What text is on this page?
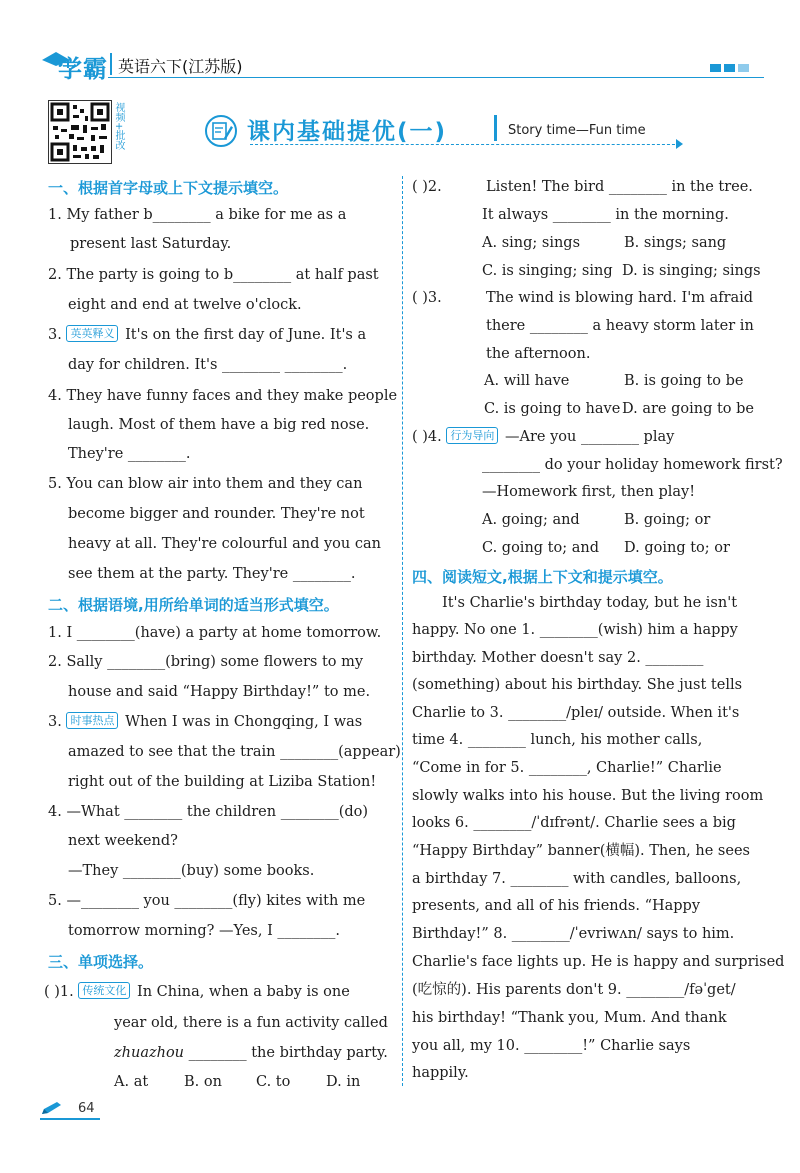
学霸 英语六下(江苏版)
视频+批改	课内基础提优(一)	Story time—Fun time
一、根据首字母或上下文提示填空。
1. My father b________ a bike for me as a
present last Saturday.
2. The party is going to b________ at half past
eight and end at twelve o'clock.
3. 英英释义 It's on the first day of June. It's a
day for children. It's ________ ________.
4. They have funny faces and they make people
laugh. Most of them have a big red nose.
They're ________.
5. You can blow air into them and they can
become bigger and rounder. They're not
heavy at all. They're colourful and you can
see them at the party. They're ________.
二、根据语境,用所给单词的适当形式填空。
1. I ________(have) a party at home tomorrow.
2. Sally ________(bring) some flowers to my
house and said “Happy Birthday!” to me.
3. 时事热点 When I was in Chongqing, I was
amazed to see that the train ________(appear)
right out of the building at Liziba Station!
4. —What ________ the children ________(do)
next weekend?
—They ________(buy) some books.
5. —________ you ________(fly) kites with me
tomorrow morning? —Yes, I ________.
三、单项选择。
( )1. 传统文化 In China, when a baby is one
year old, there is a fun activity called
zhuazhou ________ the birthday party.
A. at B. on C. to D. in
( )2.	Listen! The bird ________ in the tree.
It always ________ in the morning.
A. sing; sings	B. sings; sang
C. is singing; sing D. is singing; sings
( )3.	The wind is blowing hard. I'm afraid
there ________ a heavy storm later in
the afternoon.
A. will have	B. is going to be
C. is going to have D. are going to be
( )4. 行为导向 —Are you ________ play
________ do your holiday homework first?
—Homework first, then play!
A. going; and	B. going; or
C. going to; and D. going to; or
四、阅读短文,根据上下文和提示填空。
It's Charlie's birthday today, but he isn't
happy. No one 1. ________(wish) him a happy
birthday. Mother doesn't say 2. ________
(something) about his birthday. She just tells
Charlie to 3. ________/pleɪ/ outside. When it's
time 4. ________ lunch, his mother calls,
“Come in for 5. ________, Charlie!” Charlie
slowly walks into his house. But the living room
looks 6. ________/ˈdɪfrənt/. Charlie sees a big
“Happy Birthday” banner(横幅). Then, he sees
a birthday 7. ________ with candles, balloons,
presents, and all of his friends. “Happy
Birthday!” 8. ________/ˈevriwʌn/ says to him.
Charlie's face lights up. He is happy and surprised
(吃惊的). His parents don't 9. ________/fəˈget/
his birthday! “Thank you, Mum. And thank
you all, my 10. ________!” Charlie says
happily.
64
